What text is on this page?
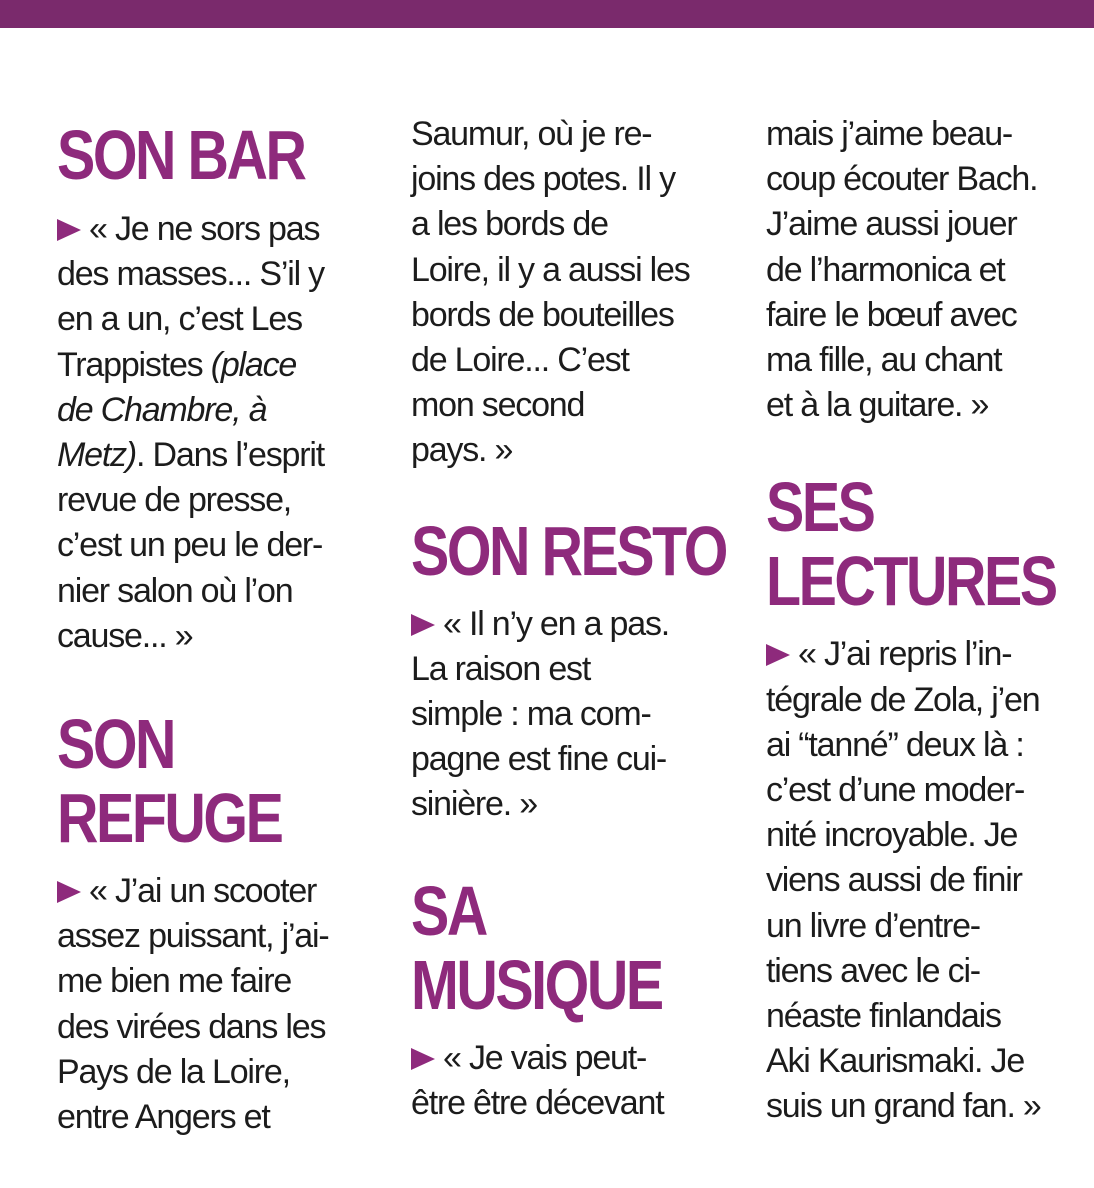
SON BAR

« Je ne sors pas
des masses... S’il y
en a un, c’est Les
Trappistes (place
de Chambre, à
Metz). Dans l’esprit
revue de presse,
c’est un peu le der-
nier salon où l’on
cause... »

SON
REFUGE

« J’ai un scooter
assez puissant, j’ai-
me bien me faire
des virées dans les
Pays de la Loire,
entre Angers et

Saumur, où je re-
joins des potes. Il y
a les bords de
Loire, il y a aussi les
bords de bouteilles
de Loire... C’est
mon second
pays. »

SON RESTO

« Il n’y en a pas.
La raison est
simple : ma com-
pagne est fine cui-
sinière. »

SA
MUSIQUE

« Je vais peut-
être être décevant

mais j’aime beau-
coup écouter Bach.
J’aime aussi jouer
de l’harmonica et
faire le bœuf avec
ma fille, au chant
et à la guitare. »

SES
LECTURES

« J’ai repris l’in-
tégrale de Zola, j’en
ai “tanné” deux là :
c’est d’une moder-
nité incroyable. Je
viens aussi de finir
un livre d’entre-
tiens avec le ci-
néaste finlandais
Aki Kaurismaki. Je
suis un grand fan. »
